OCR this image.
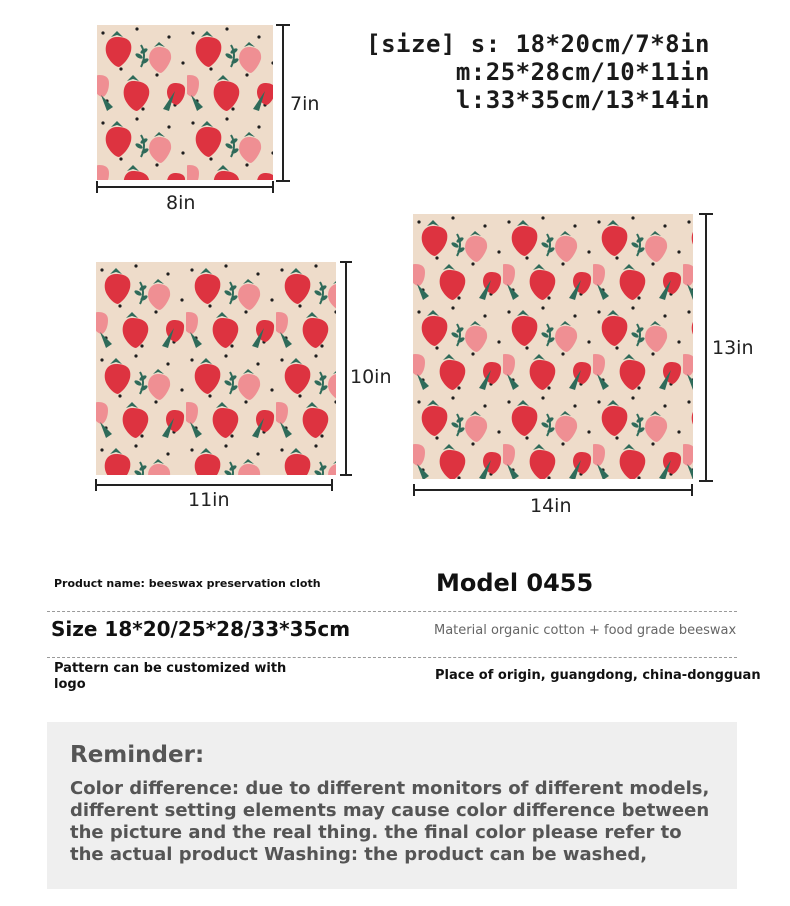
[size] s: 18*20cm/7*8in
m:25*28cm/10*11in
l:33*35cm/13*14in
7in
8in
10in
11in
13in
14in
Product name: beeswax preservation cloth	Model 0455
Size 18*20/25*28/33*35cm	Material organic cotton + food grade beeswax
Pattern can be customized with
logo
Place of origin, guangdong, china-dongguan
Reminder:

Color difference: due to different monitors of different models, different setting elements may cause color difference between the picture and the real thing. the final color please refer to the actual product Washing: the product can be washed,
